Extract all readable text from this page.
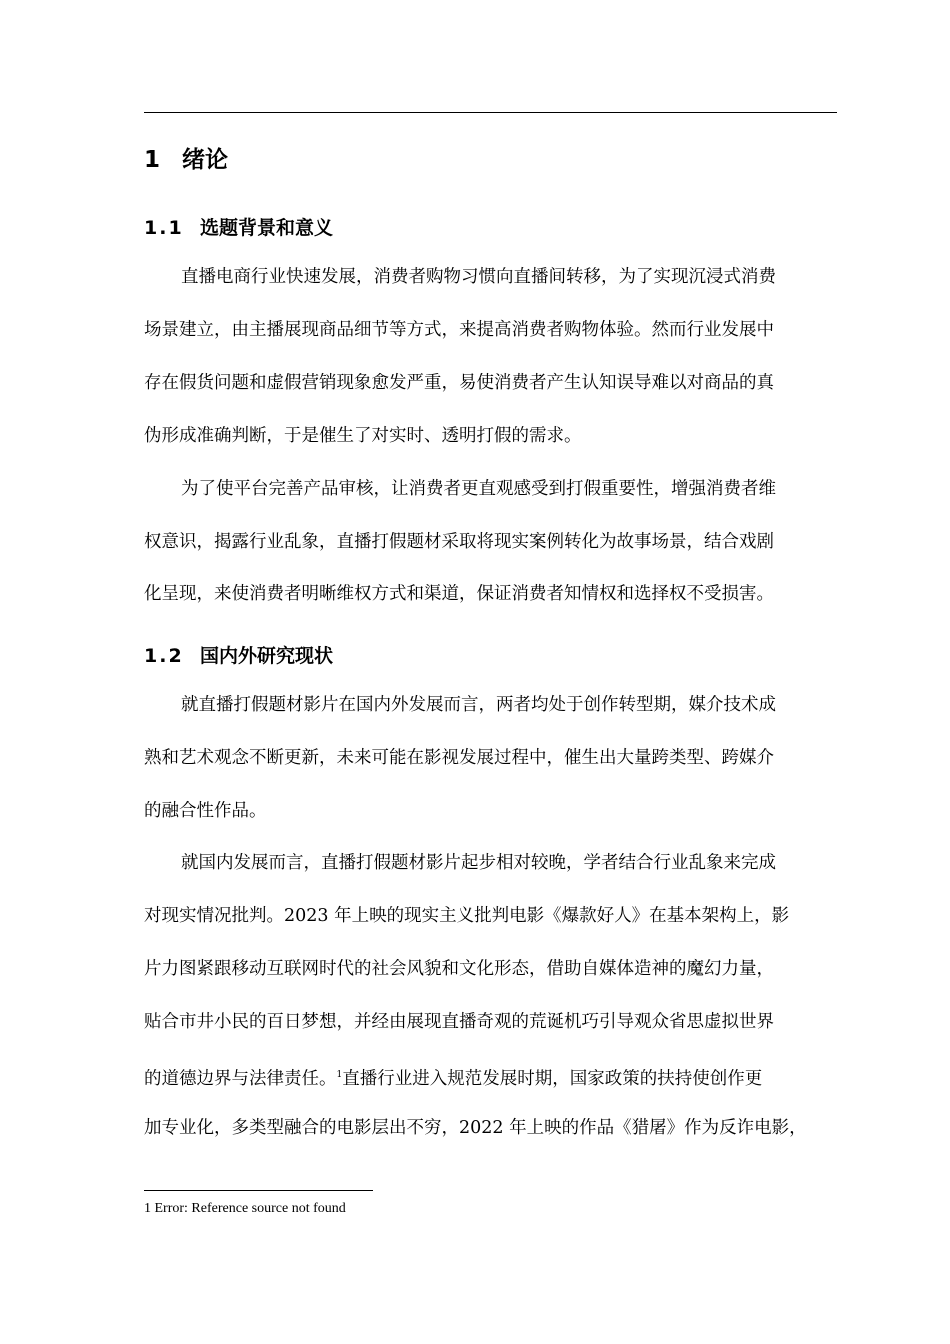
1 绪论
1.1 选题背景和意义
直播电商行业快速发展，消费者购物习惯向直播间转移，为了实现沉浸式消费
场景建立，由主播展现商品细节等方式，来提高消费者购物体验。然而行业发展中
存在假货问题和虚假营销现象愈发严重，易使消费者产生认知误导难以对商品的真
伪形成准确判断，于是催生了对实时、透明打假的需求。
为了使平台完善产品审核，让消费者更直观感受到打假重要性，增强消费者维
权意识，揭露行业乱象，直播打假题材采取将现实案例转化为故事场景，结合戏剧
化呈现，来使消费者明晰维权方式和渠道，保证消费者知情权和选择权不受损害。
1.2 国内外研究现状
就直播打假题材影片在国内外发展而言，两者均处于创作转型期，媒介技术成
熟和艺术观念不断更新，未来可能在影视发展过程中，催生出大量跨类型、跨媒介
的融合性作品。
就国内发展而言，直播打假题材影片起步相对较晚，学者结合行业乱象来完成
对现实情况批判。2023 年上映的现实主义批判电影《爆款好人》在基本架构上，影
片力图紧跟移动互联网时代的社会风貌和文化形态，借助自媒体造神的魔幻力量，
贴合市井小民的百日梦想，并经由展现直播奇观的荒诞机巧引导观众省思虚拟世界
的道德边界与法律责任。$^1$直播行业进入规范发展时期，国家政策的扶持使创作更
加专业化，多类型融合的电影层出不穷，2022 年上映的作品《猎屠》作为反诈电影，
1 Error: Reference source not found
